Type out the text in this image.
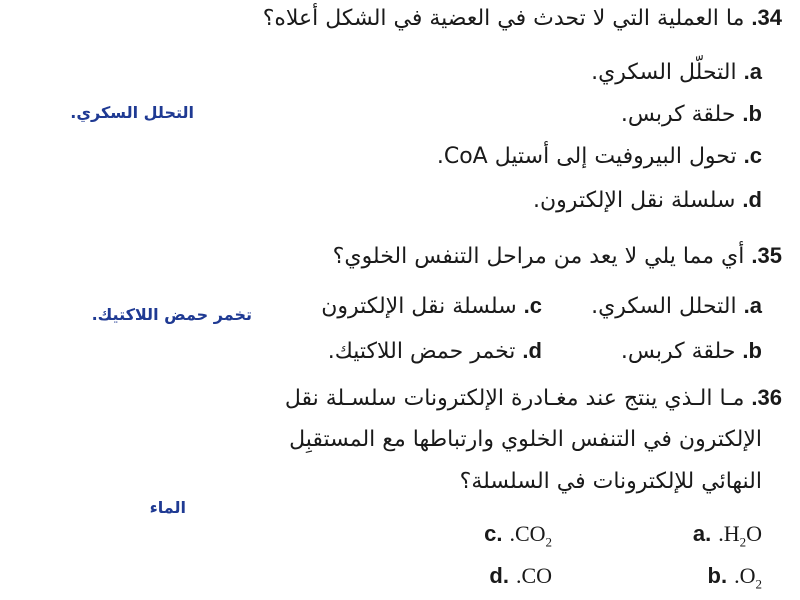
34. ما العملية التي لا تحدث في العضية في الشكل أعلاه؟
a. التحلّل السكري.
b. حلقة كربس.
c. تحول البيروفيت إلى أستيل CoA.
d. سلسلة نقل الإلكترون.
التحلل السكري.
35. أي مما يلي لا يعد من مراحل التنفس الخلوي؟
a. التحلل السكري.
c. سلسلة نقل الإلكترون
b. حلقة كربس.
d. تخمر حمض اللاكتيك.
تخمر حمض اللاكتيك.
36. مـا الـذي ينتج عند مغـادرة الإلكترونات سلسـلة نقل
الإلكترون في التنفس الخلوي وارتباطها مع المستقبِل
النهائي للإلكترونات في السلسلة؟
a. $.H_2O$
c. $.CO_2$
b. $.O_2$
d. .CO
الماء
